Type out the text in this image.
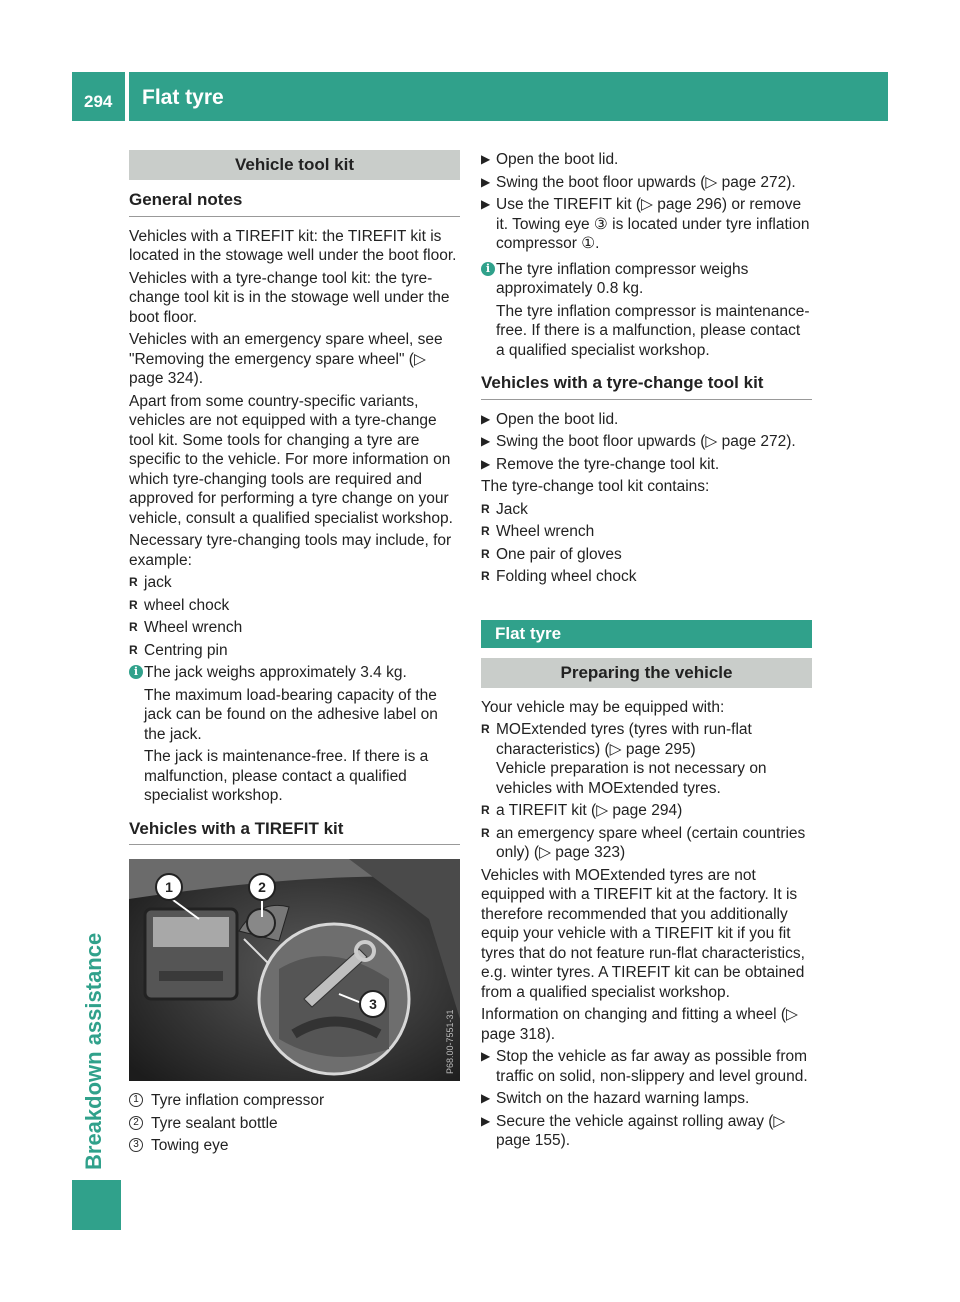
294 Flat tyre
Breakdown assistance
Vehicle tool kit
General notes

Vehicles with a TIREFIT kit: the TIREFIT kit is located in the stowage well under the boot floor.

Vehicles with a tyre-change tool kit: the tyre-change tool kit is in the stowage well under the boot floor.

Vehicles with an emergency spare wheel, see "Removing the emergency spare wheel" (▷ page 324).

Apart from some country-specific variants, vehicles are not equipped with a tyre-change tool kit. Some tools for changing a tyre are specific to the vehicle. For more information on which tyre-changing tools are required and approved for performing a tyre change on your vehicle, consult a qualified specialist workshop.

Necessary tyre-changing tools may include, for example:

R jack
R wheel chock
R Wheel wrench
R Centring pin
i The jack weighs approximately 3.4 kg.
The maximum load-bearing capacity of the jack can be found on the adhesive label on the jack.
The jack is maintenance-free. If there is a malfunction, please contact a qualified specialist workshop.
Vehicles with a TIREFIT kit
1	2
3
P68.00-7551-31
1 Tyre inflation compressor
2 Tyre sealant bottle
3 Towing eye
▶ Open the boot lid.
▶ Swing the boot floor upwards (▷ page 272).
▶ Use the TIREFIT kit (▷ page 296) or remove it. Towing eye ③ is located under tyre inflation compressor ①.
i The tyre inflation compressor weighs approximately 0.8 kg.
The tyre inflation compressor is maintenance-free. If there is a malfunction, please contact a qualified specialist workshop.
Vehicles with a tyre-change tool kit
▶ Open the boot lid.
▶ Swing the boot floor upwards (▷ page 272).
▶ Remove the tyre-change tool kit.

The tyre-change tool kit contains:

R Jack
R Wheel wrench
R One pair of gloves
R Folding wheel chock
Flat tyre
Preparing the vehicle

Your vehicle may be equipped with:

R MOExtended tyres (tyres with run-flat characteristics) (▷ page 295)
Vehicle preparation is not necessary on vehicles with MOExtended tyres.
R a TIREFIT kit (▷ page 294)
R an emergency spare wheel (certain countries only) (▷ page 323)

Vehicles with MOExtended tyres are not equipped with a TIREFIT kit at the factory. It is therefore recommended that you additionally equip your vehicle with a TIREFIT kit if you fit tyres that do not feature run-flat characteristics, e.g. winter tyres. A TIREFIT kit can be obtained from a qualified specialist workshop.

Information on changing and fitting a wheel (▷ page 318).

▶ Stop the vehicle as far away as possible from traffic on solid, non-slippery and level ground.
▶ Switch on the hazard warning lamps.
▶ Secure the vehicle against rolling away (▷ page 155).
